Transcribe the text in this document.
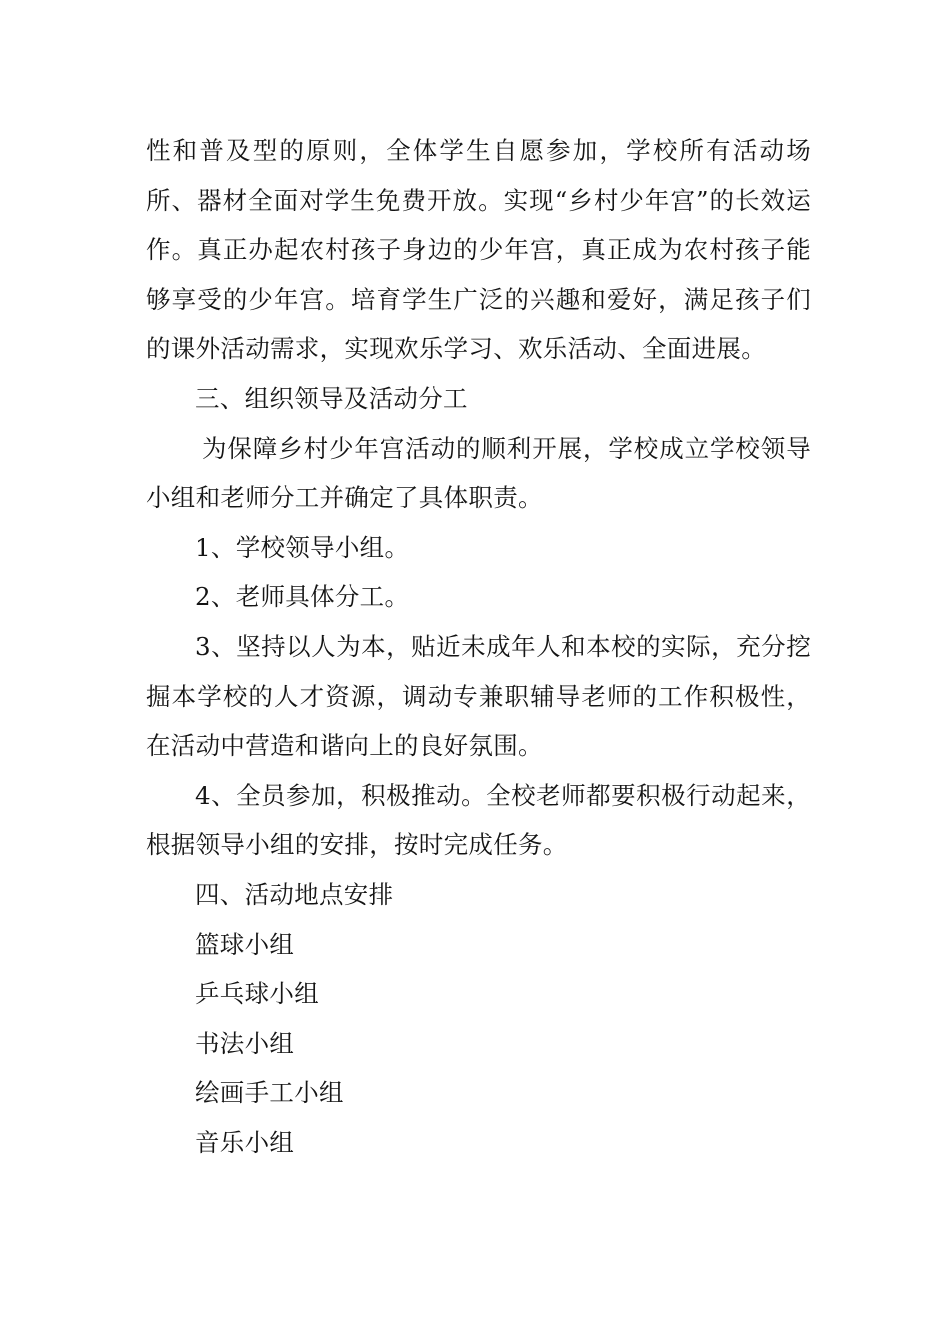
性和普及型的原则，全体学生自愿参加，学校所有活动场所、器材全面对学生免费开放。实现“乡村少年宫”的长效运作。真正办起农村孩子身边的少年宫，真正成为农村孩子能够享受的少年宫。培育学生广泛的兴趣和爱好，满足孩子们的课外活动需求，实现欢乐学习、欢乐活动、全面进展。

三、组织领导及活动分工

为保障乡村少年宫活动的顺利开展，学校成立学校领导小组和老师分工并确定了具体职责。

1、学校领导小组。

2、老师具体分工。

3、坚持以人为本，贴近未成年人和本校的实际，充分挖掘本学校的人才资源，调动专兼职辅导老师的工作积极性，在活动中营造和谐向上的良好氛围。

4、全员参加，积极推动。全校老师都要积极行动起来，根据领导小组的安排，按时完成任务。

四、活动地点安排

篮球小组

乒乓球小组

书法小组

绘画手工小组

音乐小组
